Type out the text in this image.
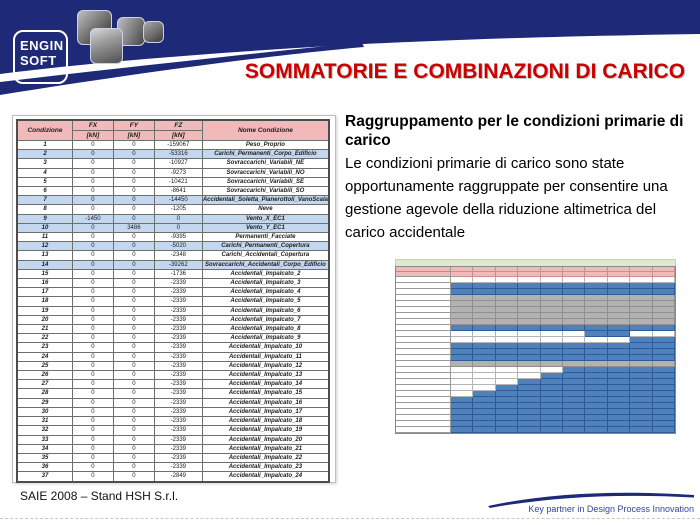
ENGIN
SOFT	SOMMATORIE E COMBINAZIONI DI CARICO
Condizione	FX	FY	FZ	Nome Condizione
	[kN]	[kN]	[kN]	
1	0	0	-159067	Peso_Proprio
2	0	0	-53316	Carichi_Permanenti_Corpo_Edificio
3	0	0	-10927	Sovraccarichi_Variabili_NE
4	0	0	-9273	Sovraccarichi_Variabili_NO
5	0	0	-10421	Sovraccarichi_Variabili_SE
6	0	0	-8641	Sovraccarichi_Variabili_SO
7	0	0	-14450	Accidentali_Soletta_Pianerottoli_VanoScala
8	0	0	-1205	Neve
9	-1450	0	0	Vento_X_EC1
10	0	3486	0	Vento_Y_EC1
11	0	0	-9395	Permanenti_Facciate
12	0	0	-5020	Carichi_Permanenti_Copertura
13	0	0	-2348	Carichi_Accidentali_Copertura
14	0	0	-39262	Sovraccarichi_Accidentali_Corpo_Edificio
15	0	0	-1736	Accidentali_Impalcato_2
16	0	0	-2339	Accidentali_Impalcato_3
17	0	0	-2339	Accidentali_Impalcato_4
18	0	0	-2339	Accidentali_Impalcato_5
19	0	0	-2339	Accidentali_Impalcato_6
20	0	0	-2339	Accidentali_Impalcato_7
21	0	0	-2339	Accidentali_Impalcato_8
22	0	0	-2339	Accidentali_Impalcato_9
23	0	0	-2339	Accidentali_Impalcato_10
24	0	0	-2339	Accidentali_Impalcato_11
25	0	0	-2339	Accidentali_Impalcato_12
26	0	0	-2339	Accidentali_Impalcato_13
27	0	0	-2339	Accidentali_Impalcato_14
28	0	0	-2339	Accidentali_Impalcato_15
29	0	0	-2339	Accidentali_Impalcato_16
30	0	0	-2339	Accidentali_Impalcato_17
31	0	0	-2339	Accidentali_Impalcato_18
32	0	0	-2339	Accidentali_Impalcato_19
33	0	0	-2339	Accidentali_Impalcato_20
34	0	0	-2339	Accidentali_Impalcato_21
35	0	0	-2339	Accidentali_Impalcato_22
36	0	0	-2339	Accidentali_Impalcato_23
37	0	0	-2849	Accidentali_Impalcato_24

Raggruppamento per le condizioni primarie di carico

Le condizioni primarie di carico sono state opportunamente raggruppate per consentire una gestione agevole della riduzione altimetrica del carico accidentale

SAIE 2008 – Stand HSH S.r.l.
Key partner in Design Process Innovation
